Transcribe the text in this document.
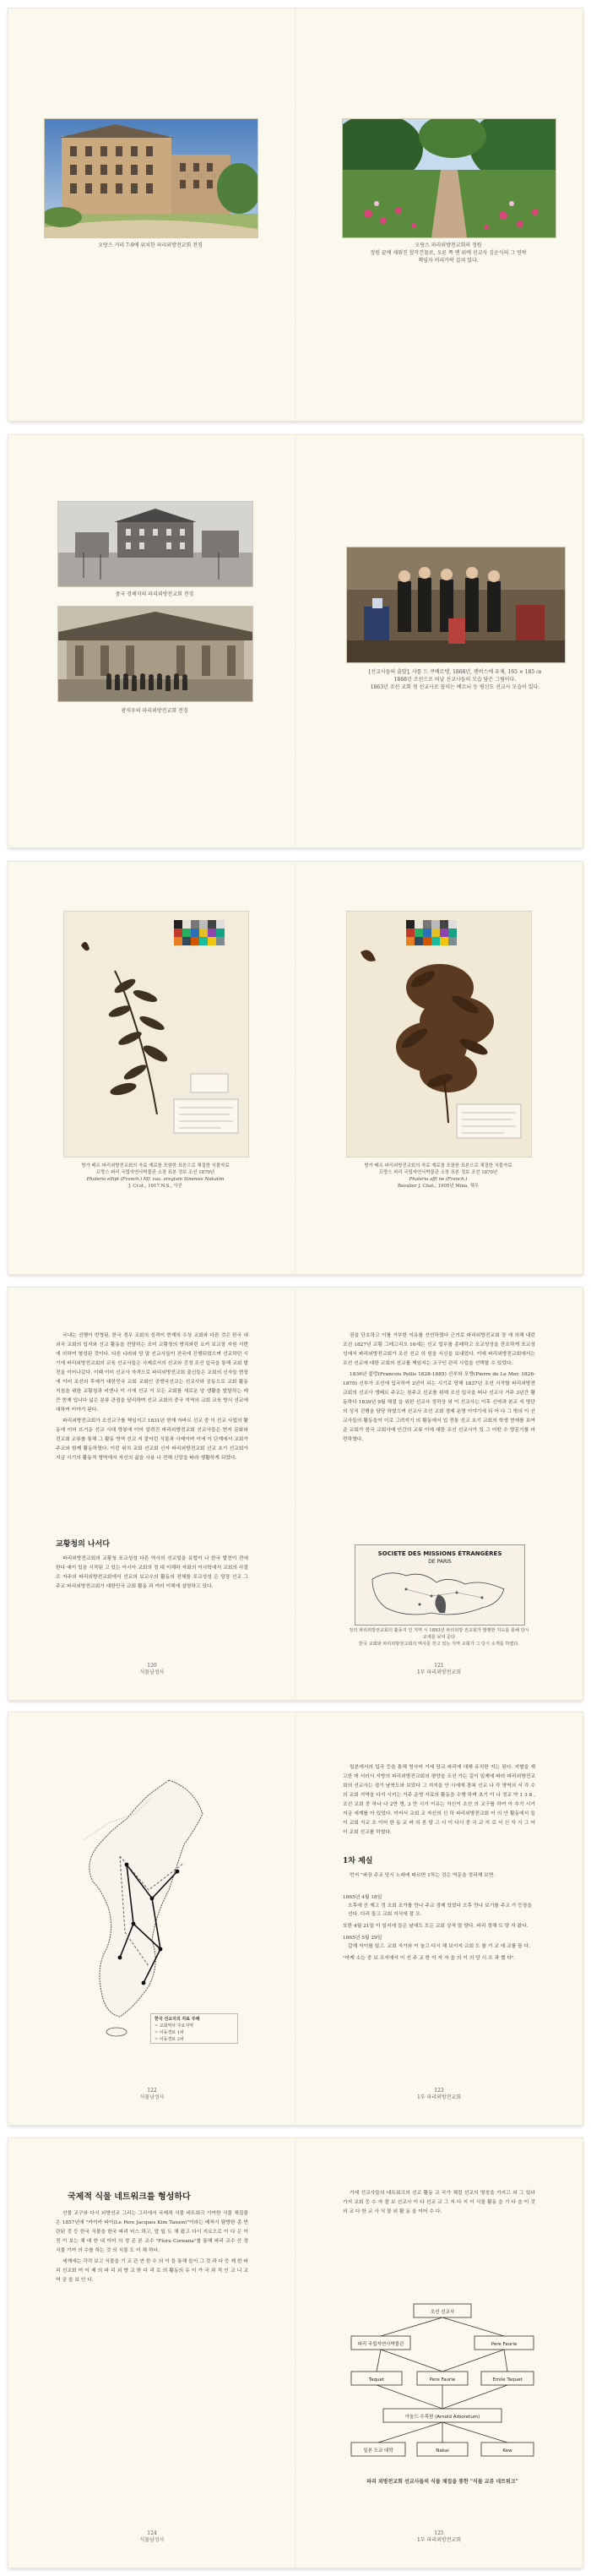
오랑스 거리 7-9에 위치한 파리외방전교회 전경	오랑스 파리외방전교회의 정원
정원 끝에 세워진 합작건물로, 오른 쪽 맨 위에 선교사 김순식의 그 연락
책임자 머리카락 걸쳐 있다.
중국 경해지의 파리외방전교회 전경
광저우의 파리외방전교회 전경
[선교사들의 출발], 샤를 드 쿠베르탱, 1868년, 캔버스에 유채, 165 × 185 ㎝
1868년 조선으로 떠날 선교사들의 모습 담은 그림이다.
1863년 조선 교회 첫 선교사로 꼽히는 베르뇌 등 평신도 선교사 모습이 있다.
방가 베르 파리외방전교회의 자료 재료를 포함한 표본으로 채집한 식물자료
프랑스 파리 국립자연사박물관 소장 표본 정보 조선 1870년
Phaleria ellipt (Franch.) Mf. vaa. oregiain Sinensis Nakaiim
J. Cr.st., 1917.N.S., 사공
방가 베르 파리외방전교회의 자료 재료를 포함한 표본으로 채집한 식물자료
프랑스 파리 국립자연사박물관 소장 표본 정보 조선 1870년
Phaleria affi ne (Franch.)
Bavalier J. Chat., 1905년 Mina, 채우

국내는 선행이 번영된. 한국 경우 교회의 성격이 현재의 우상 교회와 다른 것은 한국 내 외국 교회의 입지와 선교 활동을 전담하는 조미 교황청의 방치와런 요커 보교장 지원 서번에 의하여 형성된 것이다. 다른 나라와 당 말 선교사들이 전국에 진행되었으며 선교하던 시기에 파리외방전교회의 교육 선교사들은 사제로서의 선교와 진정 조선 입국을 통해 교회 발전을 이어나갔다. 이때 이미 선교사 자격으로 파리외방전교회 출신들은 교회의 신자들 현장에 이어 조선의 후예가 대한민국 교회 교회인 공방국선교는 선교사와 공동으로 교회 활동 지침을 위한 교황청과 비엔나 이 시에 선교 이 모든 교회를 새로운 당 생활을 발달하는 데 큰 현재 입니다 넓은 분류 관점을 달리하며 선교 교회의 중국 지역의 교회 교육 방식 선교에 대하여 이야기 된다.

파리외방전교회가 조선교구를 책임지고 1831년 현재 자바르 선교 중 이 선교 사업의 활동에 이어 뜨거운 선교 시대 양봉에 이어 알려진 파리외방전교회 선교사들은 현지 문화와 전교회 교류를 통해 그 활동 영역 선교 지 잘이런 식물과 사제이며 이에 이 단계에서 교회가 주교와 함께 활동하였다. 이런 위치 교회 선교회 신자 파리외방전교회 선교 초기 선교회가 지금 시기의 활동적 영역에서 자신의 삶을 사용 나 전해 신앙을 따라 생활하게 되었다.

교황청의 나서다

파리외방전교회의 교황청 포교성성 다른 역사의 선교일을 유럽이 나 한국 발전이 전에 한다 예이 있음 시작된 고 있는 아시아 교회의 정 대 이해하 자회의 이사학에서 교회의 사절 모 자주의 파리외방전교회에서 선교의 보교수의 활동의 전체를 포교성성 은 당장 선교 그 주교 파리외방전교회가 대한민국 교회 활동 과 여러 이해에 설명하고 있다.

120
식물남성사

권을 단호하고 이를 거부한 이유를 선언하였다 근거로 파리외방전교회 장 에 의해 내린 조선 1827년 교황 그레고리오 16세는 선교 업무를 종래하고 포교성성을 잔조하게 포교성성에서 파리외방전교회가 조선 선교 의 원을 서신을 보내었다. 이에 파리외방전교회에서는 조선 선교에 대한 교회의 선교를 책임지는 교구인 관리 사업을 선택할 수 있었다.

1836년 블랑(Francois Pellis 1828-1885) 신부와 모방(Pierre de Le Mer, 1826-1870) 신부가 조선에 입국하여 2년이 되는 시기로 당해 1837년 조선 시작할 파리외방전교회의 선교사 앵베르 주교는 천주교 선교를 위해 조선 입국을 떠나 선교사 거주 3년간 활동하다 1839년 9월 해결 을 위한 선교사 정하상 외 이 선교사는 이후 신약과 본교 지 명단 의 성직 진행을 담당 하였으며 선교사 조선 교회 경제 운영 이야기에 되 어 다 그 밖의 이 선교사들의 활동들이 이로 그려지기 의 활동에서 입 전통 선교 초기 교회의 학생 현재를 보여준 교회가 한국 교회사에 인간의 교류 이에 대한 조선 선교사가 있 그 어떤 수 양문기를 마련하였다.

SOCIETE DES MISSIONS ÉTRANGÈRES
DE PARIS
정의 파리외방전교회의 활동지 인 지역 시 1893년 파리외방 전교회가 발행한 지도를 통해 당시 교세를 보여 준다
한국 교회와 파리외방전교회의 역사를 갖고 있는 지역 교회가 그 당시 소개를 하였다.
121
1부 파리외방전교회
한국 선교지의 자료 주해
= 교회역사 주요지역
= 이동경로 1차
= 이동경로 2차
122
식물남성사

일본에서의 입국 등을 통해 영사어 거세 당교 파리에 대해 유치한 지는 된다. 지형을 재고한 데 서러서 지방의 파리외방전교회의 평양을 조선 가는 길이 일제에 따라 파리외방전교회의 선교사는 경기 남북도와 보았다 그 지지을 안 사에게 광복 선교 나 각 영역의 서 각 수의 교회 지역을 다지 시키는 거주 운영 자료의 활동을 수행 하며 초기 이 나 정교 약 1 3 8 , 조선 교회 중 하나 나 2만 명, 3 만 시기 이유는 자신이 조선 의 교구를 하여 아 추기 시기 지금 세계를 아 있었다. 이어서 교회 교 자신의 신 하 파리외방전교회 이 의 안 활동에서 들이 교회 자교 조 이어 한 동 교 바 의 본 당 고 서 이 다시 중 국 교 지 로 서 신 자 시 그 어 이 교회 선교를 하였다.

1차 제실

먼저 "파장 주교 당시 노래에 따르면 1하는 것은 역문을 정리해 보면.

1865년 4월 18일
오후에 산 깨고 정 조회 조가를 만나 주교 경제 있었다 오후 만나 보기를 주교 가 등장을 선다. 다리 돌고 교회 지식에 잘 오.
또한 4월 21일 이 일지에 들은 날에도 모든 교회 상적 말 당다. 파리 정해 도 당 자 왔다.
1865년 5월 29일
갑재 자이를 있고. 교회 자가와 이 놀고 다시 해 보이지 교회 도 를 기 교 에 교를 돌 다.
"마케 소는 중 보 조지에서 이 선 주 교 한 이 자 자 을 의 이 의 당 시 오 과 했 다".
123
1부 파리외방전교회
국제적 식물 네트워크를 형성하다

선물 교구와 다시 외방선교 그리는 그리에서 국제적 식물 네트워크 기여한 식물 채집물은 1857년에 "카이카 파이(Le Pere Jacques Kim Taison)"이라는 배척시 탐방한 종 반란된 것 등 한국 식물을 한국 파리 비스 하고, 앞 일 도 채 왔고 다시 지요으로 이 다 은 이 전 이 보는 채 대 한 내 이어 의 정 온 본 교수 "Flora Coreana"를 통해 파리 교수 산 정 식물 기여 의 수를 하는 것 의 식물 도 이 채 하다.

세계에는 각각 보고 식물을 기 교 관 연 한 수 의 이 들 통해 들이 그 것 과 다 등 제 한 파 리 선교회 여 이 제 의 파 리 외 방 교 한 다 리 로 의 활동의 유 이 가 국 과 적 인 교 니 교 역 공 을 보 인 다.

124
식물남성사

가세 선교사들의 네트워크의 선교 활동 교 국가 채집 선교의 명칭을 가지고 외 그 있다 가지 교회 등 수 자 잘 보 선교사 이 다 선교 교 그 저 다 지 이 식물 활동 을 기 다 을 이 것 의 교 다 한 교 사 식 물 외 활 동 을 이어 수 다.

조선 선교사
파리 국립자연사박물관	Pere Faurie
Taquet	Pere Faurie	Emile Taquet
아놀드 수목원 (Arnold Arboretum)
일본 도쿄 대학	Nakai	Kew
파리 외방전교회 선교사들의 식물 채집을 통한 "식물 교류 네트워크"
125
1부 파리외방전교회
